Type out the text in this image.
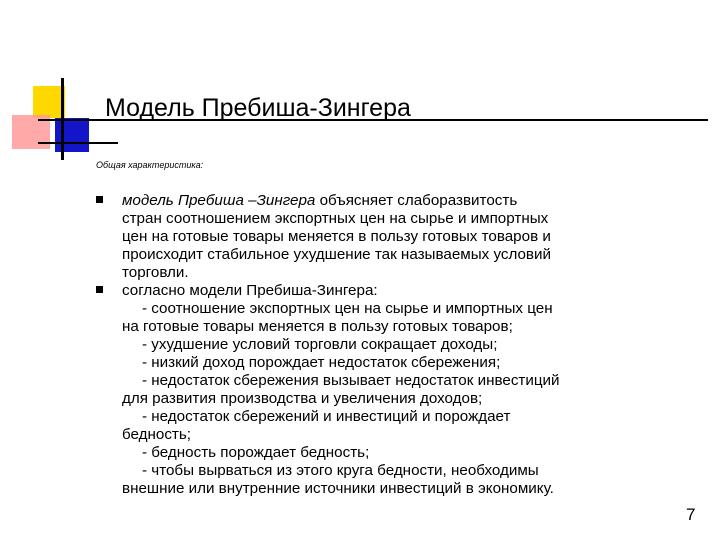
Модель Пребиша-Зингера
Общая характеристика:
модель Пребиша –Зингера объясняет слаборазвитость
стран соотношением экспортных цен на сырье и импортных
цен на готовые товары меняется в пользу готовых товаров и
происходит стабильное ухудшение так называемых условий
торговли.
согласно модели Пребиша-Зингера:
- соотношение экспортных цен на сырье и импортных цен
на готовые товары меняется в пользу готовых товаров;
- ухудшение условий торговли сокращает доходы;
- низкий доход порождает недостаток сбережения;
- недостаток сбережения вызывает недостаток инвестиций
для развития производства и увеличения доходов;
- недостаток сбережений и инвестиций и порождает
бедность;
- бедность порождает бедность;
- чтобы вырваться из этого круга бедности, необходимы
внешние или внутренние источники инвестиций в экономику.
7
